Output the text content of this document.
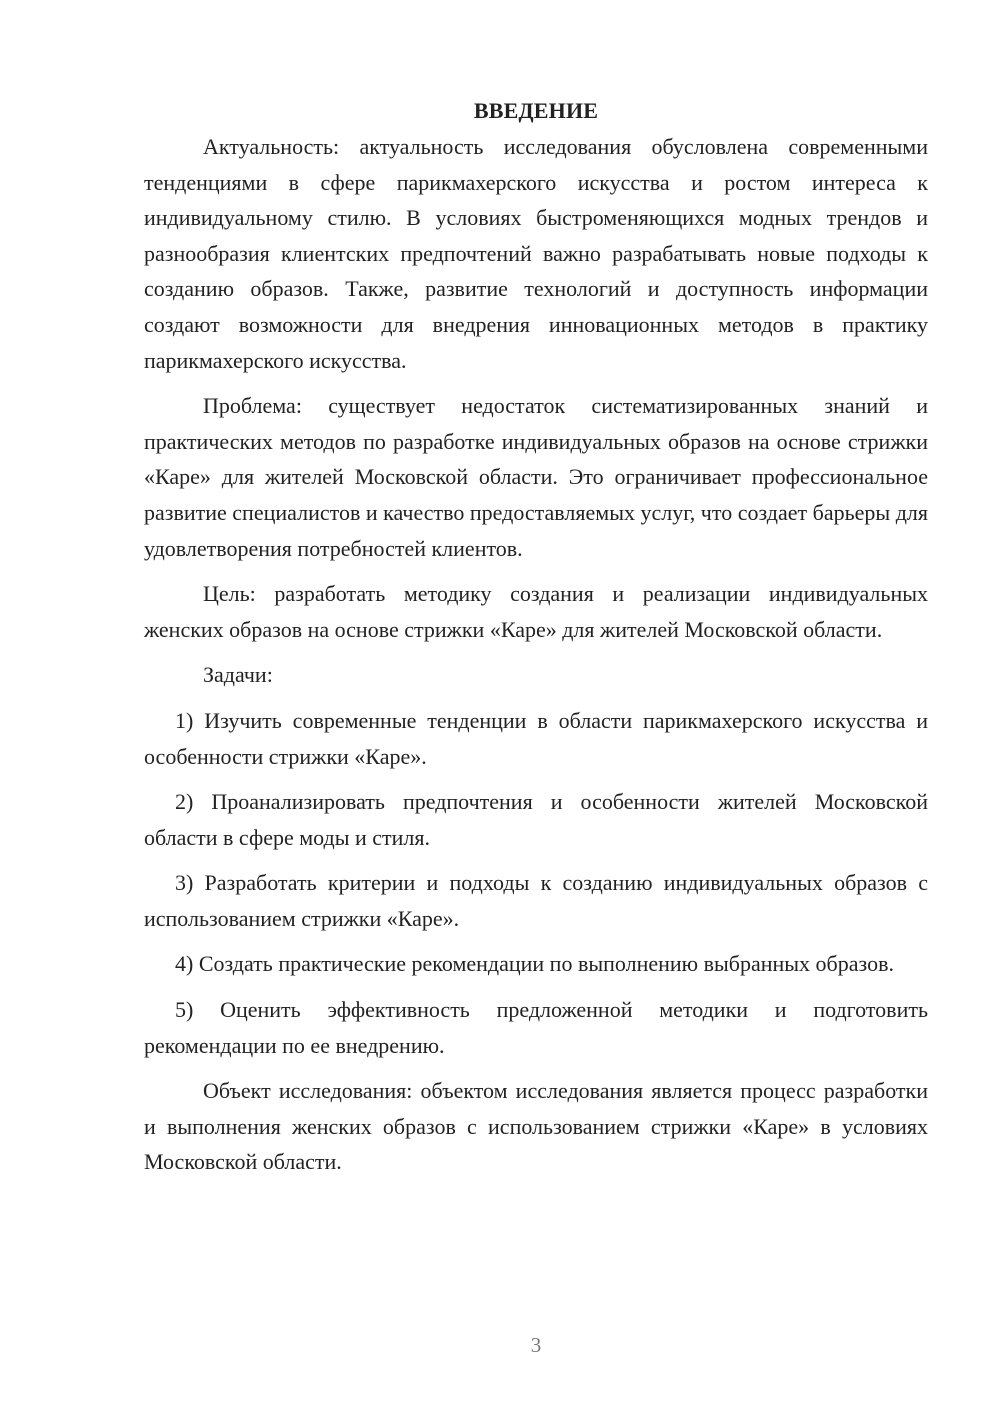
ВВЕДЕНИЕ

Актуальность: актуальность исследования обусловлена современными тенденциями в сфере парикмахерского искусства и ростом интереса к индивидуальному стилю. В условиях быстроменяющихся модных трендов и разнообразия клиентских предпочтений важно разрабатывать новые подходы к созданию образов. Также, развитие технологий и доступность информации создают возможности для внедрения инновационных методов в практику парикмахерского искусства.

Проблема: существует недостаток систематизированных знаний и практических методов по разработке индивидуальных образов на основе стрижки «Каре» для жителей Московской области. Это ограничивает профессиональное развитие специалистов и качество предоставляемых услуг, что создает барьеры для удовлетворения потребностей клиентов.

Цель: разработать методику создания и реализации индивидуальных женских образов на основе стрижки «Каре» для жителей Московской области.

Задачи:

1) Изучить современные тенденции в области парикмахерского искусства и особенности стрижки «Каре».

2) Проанализировать предпочтения и особенности жителей Московской области в сфере моды и стиля.

3) Разработать критерии и подходы к созданию индивидуальных образов с использованием стрижки «Каре».

4) Создать практические рекомендации по выполнению выбранных образов.

5) Оценить эффективность предложенной методики и подготовить рекомендации по ее внедрению.

Объект исследования: объектом исследования является процесс разработки и выполнения женских образов с использованием стрижки «Каре» в условиях Московской области.

3
